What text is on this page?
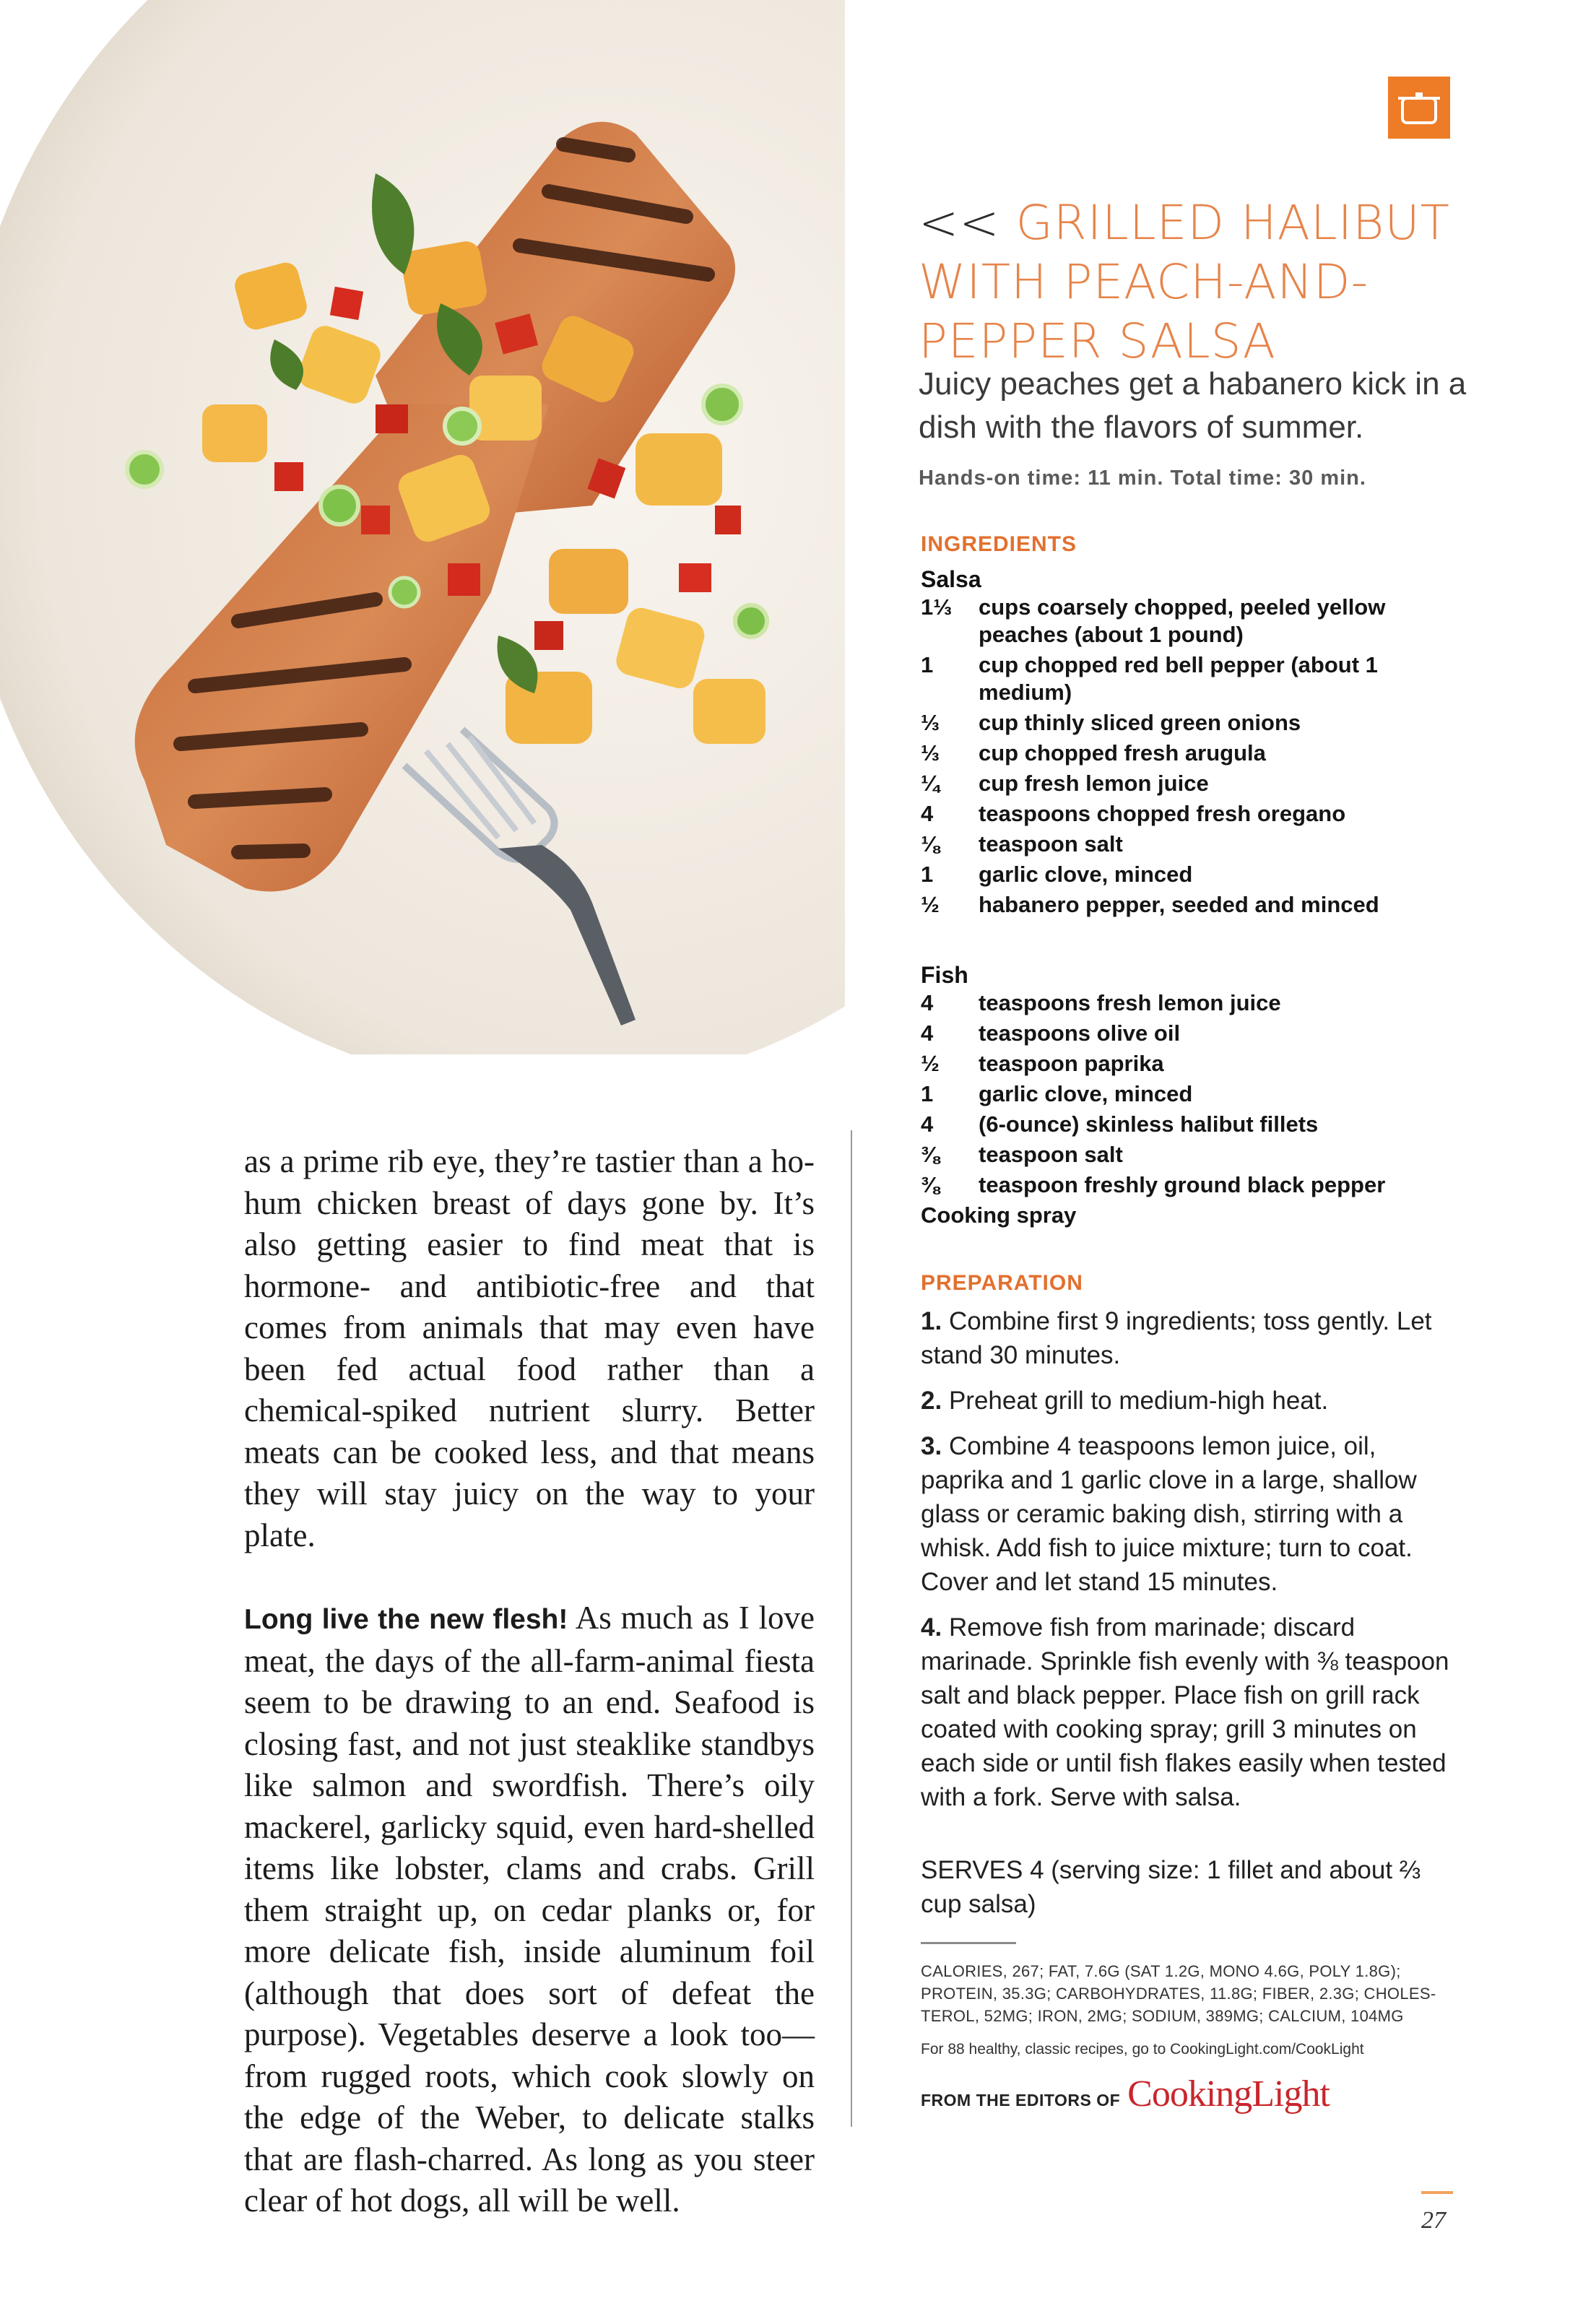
as a prime rib eye, they’re tastier than a ho-hum chicken breast of days gone by. It’s also getting easier to find meat that is hormone- and antibiotic-free and that comes from animals that may even have been fed actual food rather than a chemical-spiked nutrient slurry. Better meats can be cooked less, and that means they will stay juicy on the way to your plate.

Long live the new flesh! As much as I love meat, the days of the all-farm-animal fiesta seem to be drawing to an end. Seafood is closing fast, and not just steaklike standbys like salmon and swordfish. There’s oily mackerel, garlicky squid, even hard-shelled items like lobster, clams and crabs. Grill them straight up, on cedar planks or, for more delicate fish, inside aluminum foil (although that does sort of defeat the purpose). Vegetables deserve a look too—from rugged roots, which cook slowly on the edge of the Weber, to delicate stalks that are flash-charred. As long as you steer clear of hot dogs, all will be well.

<< GRILLED HALIBUT WITH PEACH-AND-PEPPER SALSA
Juicy peaches get a habanero kick in a dish with the flavors of summer.
Hands-on time: 11 min. Total time: 30 min.
INGREDIENTS
Salsa
1⅓	cups coarsely chopped, peeled yellow peaches (about 1 pound)
1	cup chopped red bell pepper (about 1 medium)
⅓	cup thinly sliced green onions
⅓	cup chopped fresh arugula
¼	cup fresh lemon juice
4	teaspoons chopped fresh oregano
⅛	teaspoon salt
1	garlic clove, minced
½	habanero pepper, seeded and minced
Fish
4	teaspoons fresh lemon juice
4	teaspoons olive oil
½	teaspoon paprika
1	garlic clove, minced
4	(6-ounce) skinless halibut fillets
⅜	teaspoon salt
⅜	teaspoon freshly ground black pepper
Cooking spray
PREPARATION

1. Combine first 9 ingredients; toss gently. Let stand 30 minutes.

2. Preheat grill to medium-high heat.

3. Combine 4 teaspoons lemon juice, oil, paprika and 1 garlic clove in a large, shallow glass or ceramic baking dish, stirring with a whisk. Add fish to juice mixture; turn to coat. Cover and let stand 15 minutes.

4. Remove fish from marinade; discard marinade. Sprinkle fish evenly with ⅜ teaspoon salt and black pepper. Place fish on grill rack coated with cooking spray; grill 3 minutes on each side or until fish flakes easily when tested with a fork. Serve with salsa.

SERVES 4 (serving size: 1 fillet and about ⅔ cup salsa)
CALORIES, 267; FAT, 7.6G (SAT 1.2G, MONO 4.6G, POLY 1.8G); PROTEIN, 35.3G; CARBOHYDRATES, 11.8G; FIBER, 2.3G; CHOLES-TEROL, 52MG; IRON, 2MG; SODIUM, 389MG; CALCIUM, 104MG
For 88 healthy, classic recipes, go to CookingLight.com/CookLight
FROM THE EDITORS OF CookingLight
27
